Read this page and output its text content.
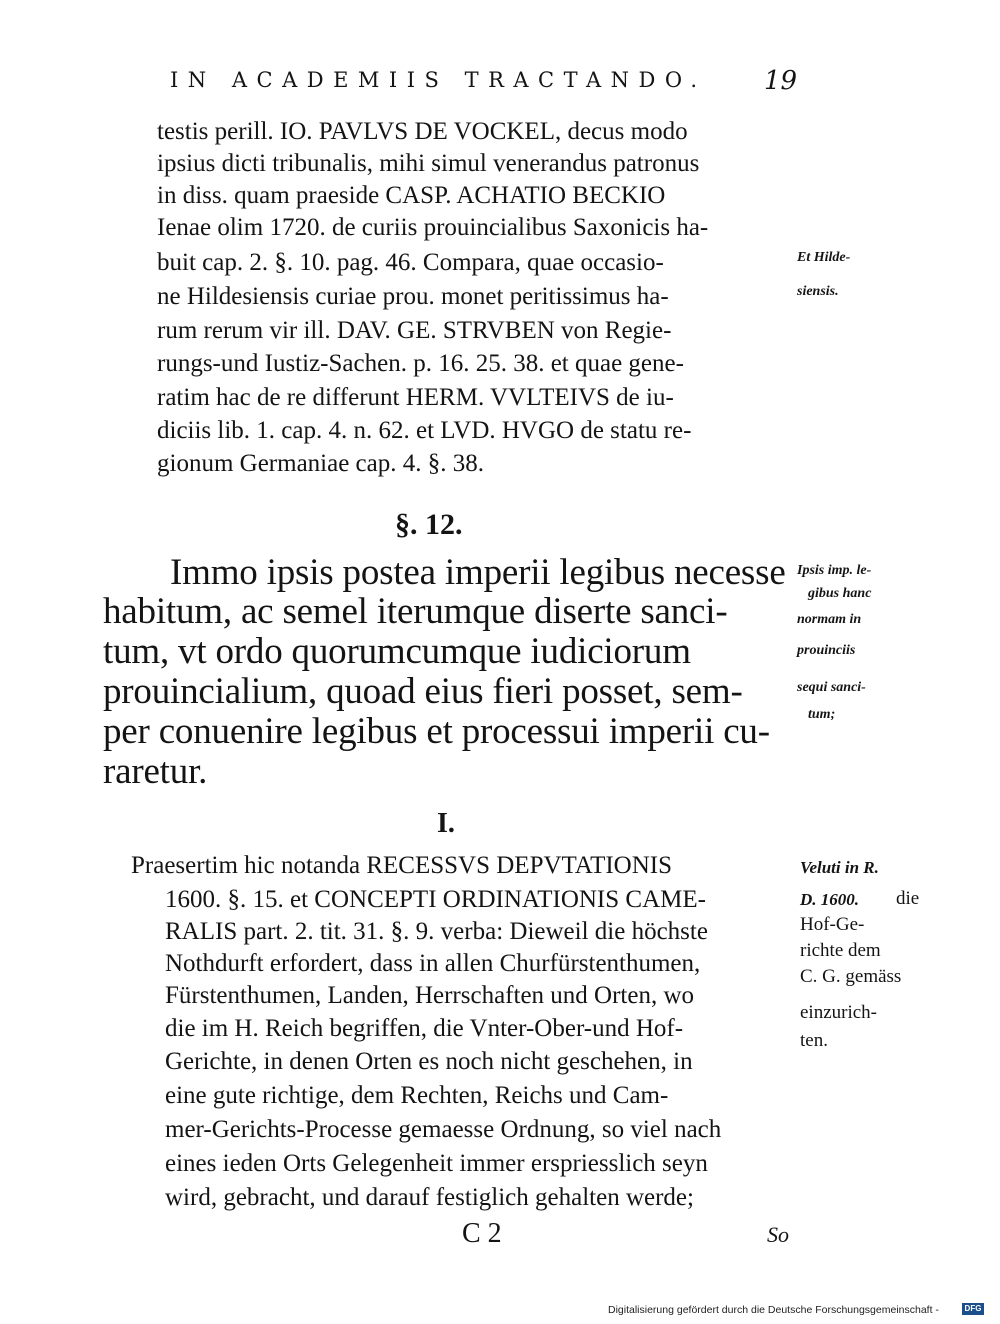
IN ACADEMIIS TRACTANDO. 19
testis perill. IO. PAVLVS DE VOCKEL, decus modo
ipsius dicti tribunalis, mihi simul venerandus patronus
in diss. quam praeside CASP. ACHATIO BECKIO
Ienae olim 1720. de curiis prouincialibus Saxonicis ha-
buit cap. 2. §. 10. pag. 46. Compara, quae occasio-
ne Hildesiensis curiae prou. monet peritissimus ha-
rum rerum vir ill. DAV. GE. STRVBEN von Regie-
rungs-und Iustiz-Sachen. p. 16. 25. 38. et quae gene-
ratim hac de re differunt HERM. VVLTEIVS de iu-
diciis lib. 1. cap. 4. n. 62. et LVD. HVGO de statu re-
gionum Germaniae cap. 4. §. 38.
Et Hilde-
siensis.
§. 12.
Immo ipsis postea imperii legibus necesse
habitum, ac semel iterumque diserte sanci-
tum, vt ordo quorumcumque iudiciorum
prouincialium, quoad eius fieri posset, sem-
per conuenire legibus et processui imperii cu-
raretur.
Ipsis imp. le-
gibus hanc
normam in
prouinciis
sequi sanci-
tum;
I.
Praesertim hic notanda RECESSVS DEPVTATIONIS
1600. §. 15. et CONCEPTI ORDINATIONIS CAME-
RALIS part. 2. tit. 31. §. 9. verba: Dieweil die höchste
Nothdurft erfordert, dass in allen Churfürstenthumen,
Fürstenthumen, Landen, Herrschaften und Orten, wo
die im H. Reich begriffen, die Vnter-Ober-und Hof-
Gerichte, in denen Orten es noch nicht geschehen, in
eine gute richtige, dem Rechten, Reichs und Cam-
mer-Gerichts-Processe gemaesse Ordnung, so viel nach
eines ieden Orts Gelegenheit immer erspriesslich seyn
wird, gebracht, und darauf festiglich gehalten werde;
Veluti in R.
D. 1600. die
Hof-Ge-
richte dem
C. G. gemäss
einzurich-
ten.
C 2	So
Digitalisierung gefördert durch die Deutsche Forschungsgemeinschaft -	DFG
